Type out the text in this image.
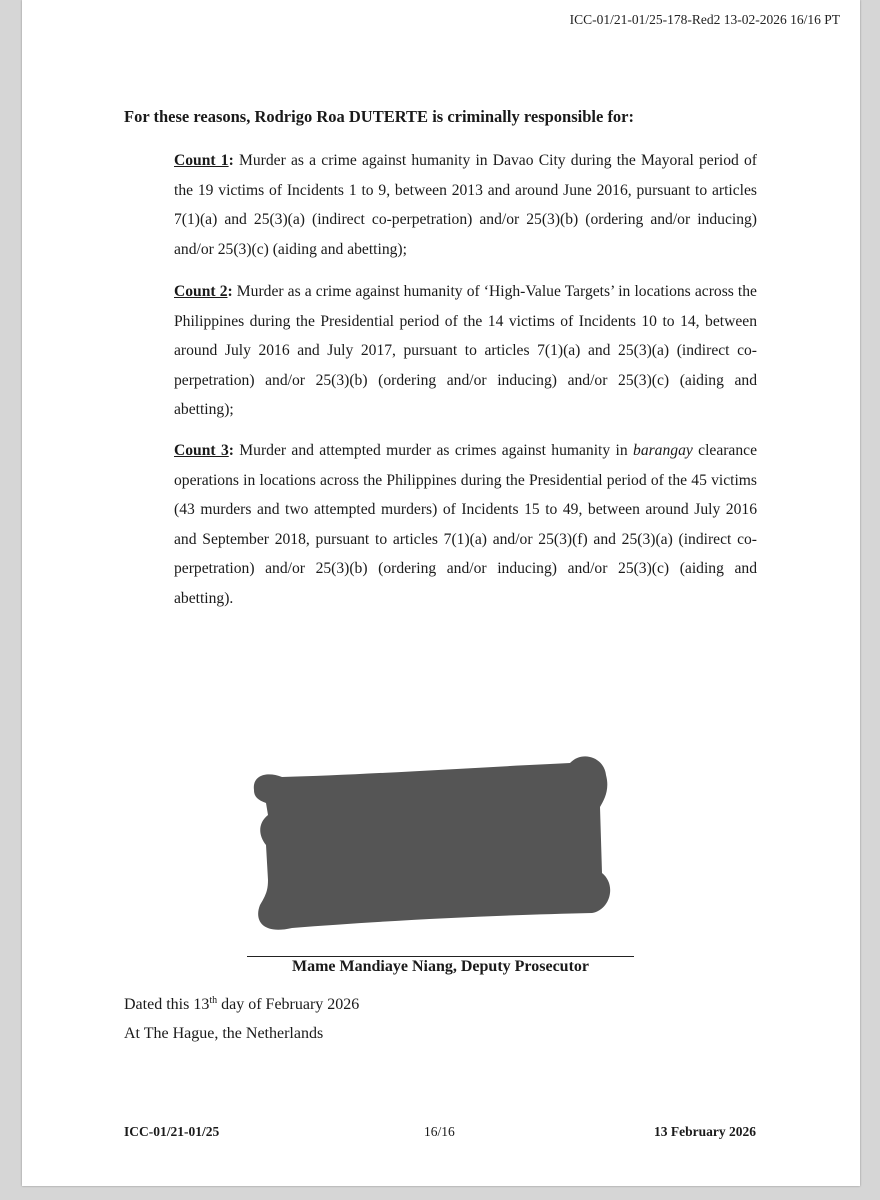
ICC-01/21-01/25-178-Red2 13-02-2026 16/16 PT
For these reasons, Rodrigo Roa DUTERTE is criminally responsible for:
Count 1: Murder as a crime against humanity in Davao City during the Mayoral period of the 19 victims of Incidents 1 to 9, between 2013 and around June 2016, pursuant to articles 7(1)(a) and 25(3)(a) (indirect co-perpetration) and/or 25(3)(b) (ordering and/or inducing) and/or 25(3)(c) (aiding and abetting);
Count 2: Murder as a crime against humanity of ‘High-Value Targets’ in locations across the Philippines during the Presidential period of the 14 victims of Incidents 10 to 14, between around July 2016 and July 2017, pursuant to articles 7(1)(a) and 25(3)(a) (indirect co-perpetration) and/or 25(3)(b) (ordering and/or inducing) and/or 25(3)(c) (aiding and abetting);
Count 3: Murder and attempted murder as crimes against humanity in barangay clearance operations in locations across the Philippines during the Presidential period of the 45 victims (43 murders and two attempted murders) of Incidents 15 to 49, between around July 2016 and September 2018, pursuant to articles 7(1)(a) and/or 25(3)(f) and 25(3)(a) (indirect co-perpetration) and/or 25(3)(b) (ordering and/or inducing) and/or 25(3)(c) (aiding and abetting).
Mame Mandiaye Niang, Deputy Prosecutor
Dated this 13th day of February 2026
At The Hague, the Netherlands
ICC-01/21-01/25	16/16	13 February 2026
